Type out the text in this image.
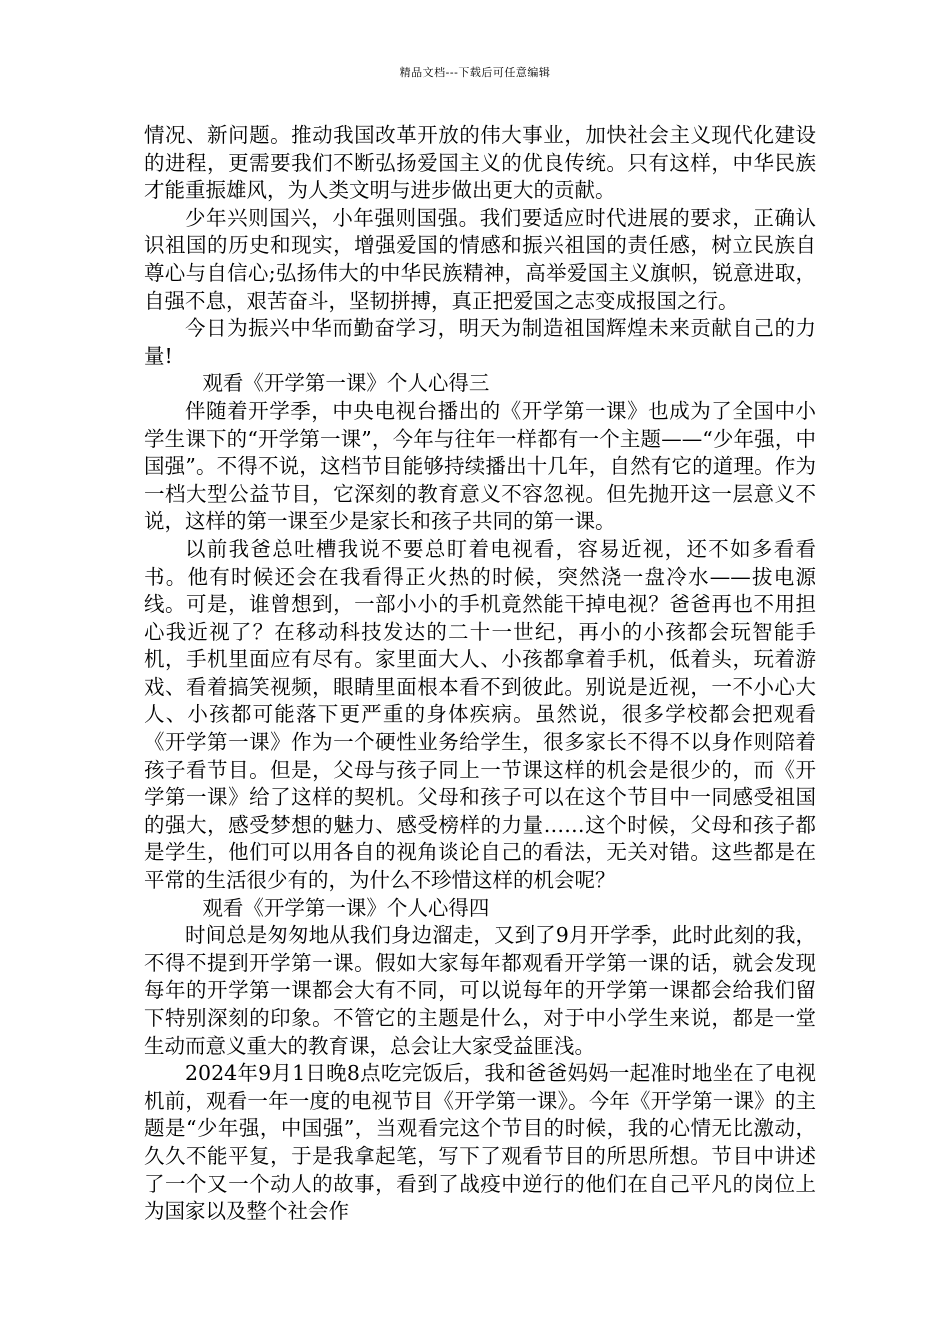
精品文档---下载后可任意编辑

情况、新问题。推动我国改革开放的伟大事业，加快社会主义现代化建设的进程，更需要我们不断弘扬爱国主义的优良传统。只有这样，中华民族才能重振雄风，为人类文明与进步做出更大的贡献。

少年兴则国兴，小年强则国强。我们要适应时代进展的要求，正确认识祖国的历史和现实，增强爱国的情感和振兴祖国的责任感，树立民族自尊心与自信心;弘扬伟大的中华民族精神，高举爱国主义旗帜，锐意进取，自强不息，艰苦奋斗，坚韧拼搏，真正把爱国之志变成报国之行。

今日为振兴中华而勤奋学习，明天为制造祖国辉煌未来贡献自己的力量!

观看《开学第一课》个人心得三

伴随着开学季，中央电视台播出的《开学第一课》也成为了全国中小学生课下的“开学第一课”，今年与往年一样都有一个主题——“少年强，中国强”。不得不说，这档节目能够持续播出十几年，自然有它的道理。作为一档大型公益节目，它深刻的教育意义不容忽视。但先抛开这一层意义不说，这样的第一课至少是家长和孩子共同的第一课。

以前我爸总吐槽我说不要总盯着电视看，容易近视，还不如多看看书。他有时候还会在我看得正火热的时候，突然浇一盘冷水——拔电源线。可是，谁曾想到，一部小小的手机竟然能干掉电视？爸爸再也不用担心我近视了？在移动科技发达的二十一世纪，再小的小孩都会玩智能手机，手机里面应有尽有。家里面大人、小孩都拿着手机，低着头，玩着游戏、看着搞笑视频，眼睛里面根本看不到彼此。别说是近视，一不小心大人、小孩都可能落下更严重的身体疾病。虽然说，很多学校都会把观看《开学第一课》作为一个硬性业务给学生，很多家长不得不以身作则陪着孩子看节目。但是，父母与孩子同上一节课这样的机会是很少的，而《开学第一课》给了这样的契机。父母和孩子可以在这个节目中一同感受祖国的强大，感受梦想的魅力、感受榜样的力量……这个时候，父母和孩子都是学生，他们可以用各自的视角谈论自己的看法，无关对错。这些都是在平常的生活很少有的，为什么不珍惜这样的机会呢？

观看《开学第一课》个人心得四

时间总是匆匆地从我们身边溜走，又到了9月开学季，此时此刻的我，不得不提到开学第一课。假如大家每年都观看开学第一课的话，就会发现每年的开学第一课都会大有不同，可以说每年的开学第一课都会给我们留下特别深刻的印象。不管它的主题是什么，对于中小学生来说，都是一堂生动而意义重大的教育课，总会让大家受益匪浅。

2024年9月1日晚8点吃完饭后，我和爸爸妈妈一起准时地坐在了电视机前，观看一年一度的电视节目《开学第一课》。今年《开学第一课》的主题是“少年强，中国强”，当观看完这个节目的时候，我的心情无比激动，久久不能平复，于是我拿起笔，写下了观看节目的所思所想。节目中讲述了一个又一个动人的故事，看到了战疫中逆行的他们在自己平凡的岗位上为国家以及整个社会作
